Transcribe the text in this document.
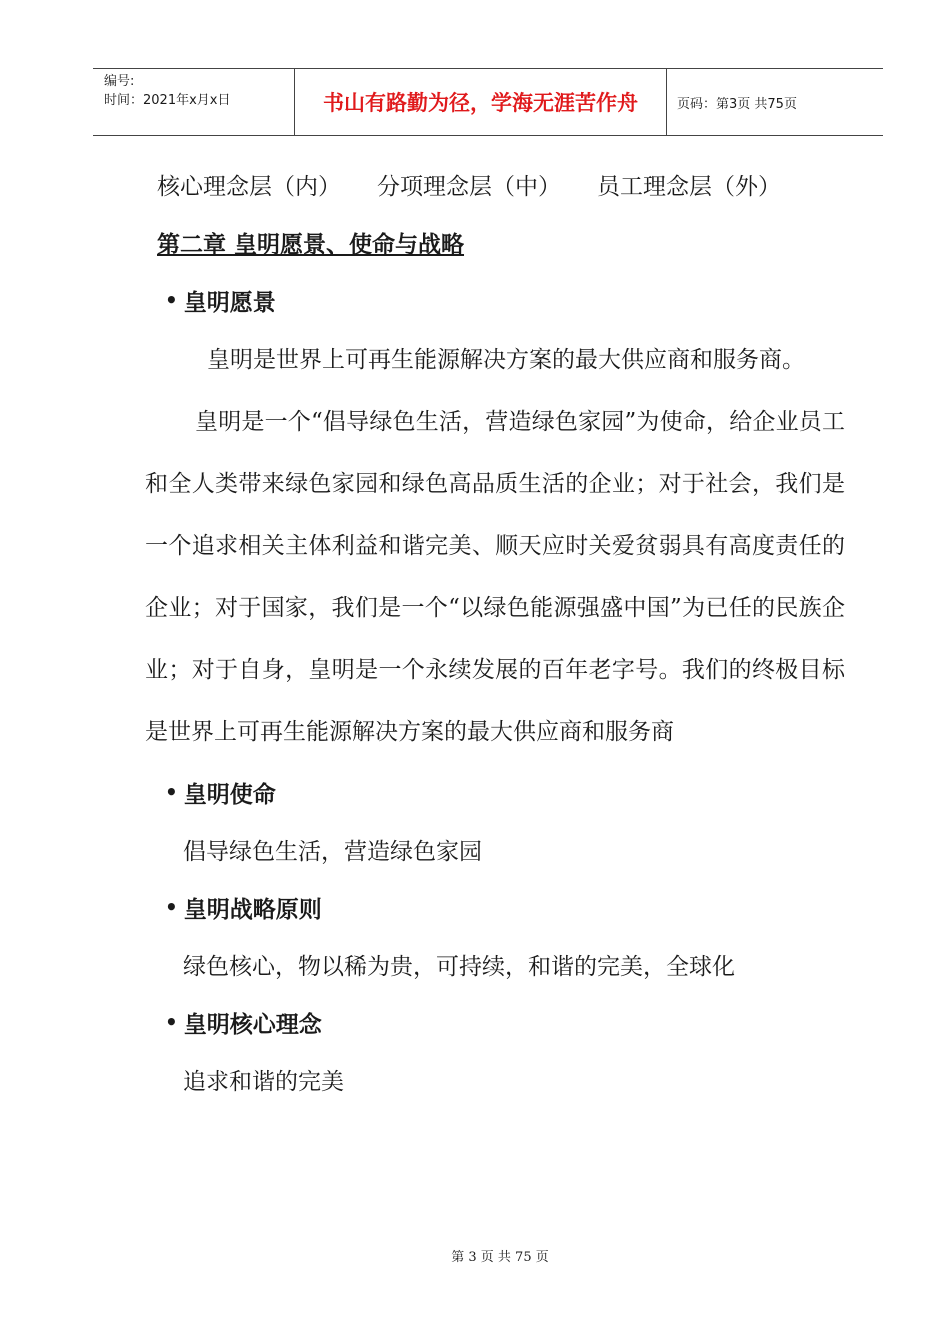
编号:
时间：2021年x月x日	书山有路勤为径，学海无涯苦作舟	页码：第3页 共75页
核心理念层（内） 分项理念层（中） 员工理念层（外）
第二章 皇明愿景、使命与战略
• 皇明愿景

皇明是世界上可再生能源解决方案的最大供应商和服务商。

皇明是一个“倡导绿色生活，营造绿色家园”为使命，给企业员工和全人类带来绿色家园和绿色高品质生活的企业；对于社会，我们是一个追求相关主体利益和谐完美、顺天应时关爱贫弱具有高度责任的企业；对于国家，我们是一个“以绿色能源强盛中国”为已任的民族企业；对于自身，皇明是一个永续发展的百年老字号。我们的终极目标是世界上可再生能源解决方案的最大供应商和服务商

• 皇明使命
倡导绿色生活，营造绿色家园
• 皇明战略原则
绿色核心，物以稀为贵，可持续，和谐的完美，全球化
• 皇明核心理念
追求和谐的完美
第 3 页 共 75 页
